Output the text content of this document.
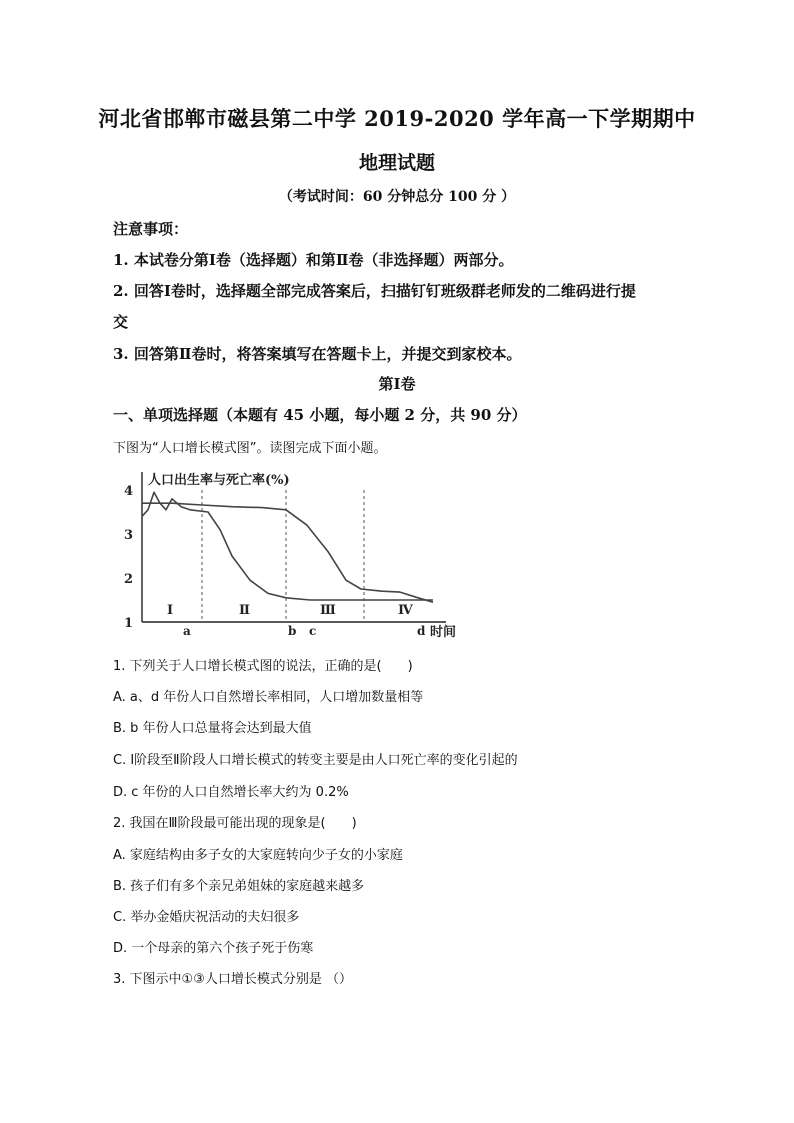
河北省邯郸市磁县第二中学 2019-2020 学年高一下学期期中
地理试题
（考试时间：60 分钟总分 100 分 ）
注意事项：
1. 本试卷分第Ⅰ卷（选择题）和第Ⅱ卷（非选择题）两部分。
2. 回答Ⅰ卷时，选择题全部完成答案后，扫描钉钉班级群老师发的二维码进行提
交
3. 回答第Ⅱ卷时，将答案填写在答题卡上，并提交到家校本。
第Ⅰ卷
一、单项选择题（本题有 45 小题，每小题 2 分，共 90 分）
下图为“人口增长模式图”。读图完成下面小题。
人口出生率与死亡率(%)
1
2
3
4
a	b c	d
Ⅰ	Ⅱ	Ⅲ	Ⅳ
时间
1. 下列关于人口增长模式图的说法，正确的是(　　)
A. a、d 年份人口自然增长率相同，人口增加数量相等
B. b 年份人口总量将会达到最大值
C. Ⅰ阶段至Ⅱ阶段人口增长模式的转变主要是由人口死亡率的变化引起的
D. c 年份的人口自然增长率大约为 0.2%
2. 我国在Ⅲ阶段最可能出现的现象是(　　)
A. 家庭结构由多子女的大家庭转向少子女的小家庭
B. 孩子们有多个亲兄弟姐妹的家庭越来越多
C. 举办金婚庆祝活动的夫妇很多
D. 一个母亲的第六个孩子死于伤寒
3. 下图示中①③人口增长模式分别是 （）
